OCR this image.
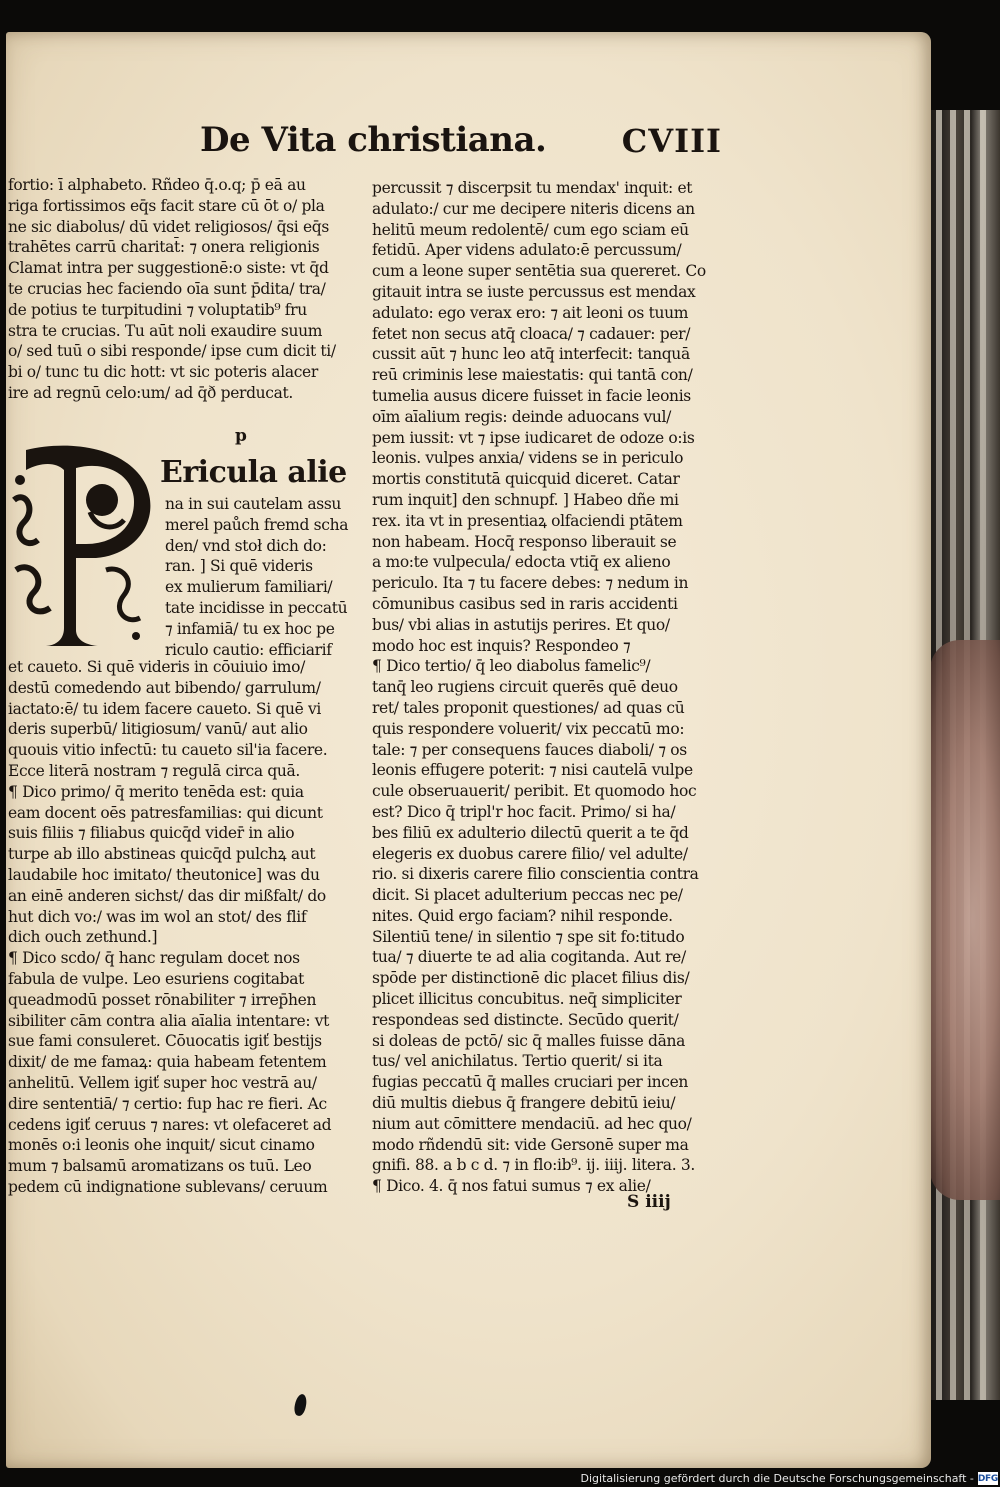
De Vita christiana. CVIII
fortio: ī alphabeto. Rñdeo q̄.o.q; p̄ eā au
riga fortissimos eq̄s facit stare cū ōt o/ pla
ne sic diabolus/ dū videt religiosos/ q̄si eq̄s
trahētes carrū charitat̄: ⁊ onera religionis
Clamat intra per suggestionē:o siste: vt q̄d
te crucias hec faciendo oīa sunt p̄dita/ tra/
de potius te turpitudini ⁊ voluptatib⁹ fru
stra te crucias. Tu aūt noli exaudire suum
o/ sed tuū o sibi responde/ ipse cum dicit ti/
bi o/ tunc tu dic hott: vt sic poteris alacer
ire ad regnū celo:um/ ad q̄ð perducat.
p
Ericula alie
na in sui cautelam assu
merel paůch fremd scha
den/ vnd stoł dich do:
ran. ] Si quē videris
ex mulierum familiari/
tate incidisse in peccatū
⁊ infamiā/ tu ex hoc pe
riculo cautio: efficiarif
et caueto. Si quē videris in cōuiuio imo/
destū comedendo aut bibendo/ garrulum/
iactato:ē/ tu idem facere caueto. Si quē vi
deris superbū/ litigiosum/ vanū/ aut alio
quouis vitio infectū: tu caueto sil'ia facere.
Ecce literā nostram ⁊ regulā circa quā.
¶ Dico primo/ q̄ merito tenēda est: quia
eam docent oēs patresfamilias: qui dicunt
suis filiis ⁊ filiabus quicq̄d vider̄ in alio
turpe ab illo abstineas quicq̄d pulchꝝ aut
laudabile hoc imitato/ theutonice] was du
an einē anderen sichst/ das dir mißfalt/ do
hut dich vo:/ was im wol an stot/ des flif
dich ouch zethund.]
¶ Dico scdo/ q̄ hanc regulam docet nos
fabula de vulpe. Leo esuriens cogitabat
queadmodū posset rōnabiliter ⁊ irrep̄hen
sibiliter cām contra alia aīalia intentare: vt
sue fami consuleret. Cōuocatis igiť bestijs
dixit/ de me famaꝝ: quia habeam fetentem
anhelitū. Vellem igiť super hoc vestrā au/
dire sententiā/ ⁊ certio: fup hac re fieri. Ac
cedens igiť ceruus ⁊ nares: vt olefaceret ad
monēs o:i leonis ohe inquit/ sicut cinamo
mum ⁊ balsamū aromatizans os tuū. Leo
pedem cū indignatione sublevans/ ceruum
percussit ⁊ discerpsit tu mendax' inquit: et
adulato:/ cur me decipere niteris dicens an
helitū meum redolentē/ cum ego sciam eū
fetidū. Aper videns adulato:ē percussum/
cum a leone super sentētia sua quereret. Co
gitauit intra se iuste percussus est mendax
adulato: ego verax ero: ⁊ ait leoni os tuum
fetet non secus atq̄ cloaca/ ⁊ cadauer: per/
cussit aūt ⁊ hunc leo atq̄ interfecit: tanquā
reū criminis lese maiestatis: qui tantā con/
tumelia ausus dicere fuisset in facie leonis
oīm aīalium regis: deinde aduocans vul/
pem iussit: vt ⁊ ipse iudicaret de odoze o:is
leonis. vulpes anxia/ videns se in periculo
mortis constitutā quicquid diceret. Catar
rum inquit] den schnupf. ] Habeo dñe mi
rex. ita vt in presentiaꝝ olfaciendi ptātem
non habeam. Hocq̄ responso liberauit se
a mo:te vulpecula/ edocta vtiq̄ ex alieno
periculo. Ita ⁊ tu facere debes: ⁊ nedum in
cōmunibus casibus sed in raris accidenti
bus/ vbi alias in astutijs perires. Et quo/
modo hoc est inquis? Respondeo ⁊
¶ Dico tertio/ q̄ leo diabolus famelic⁹/
tanq̄ leo rugiens circuit querēs quē deuo
ret/ tales proponit questiones/ ad quas cū
quis respondere voluerit/ vix peccatū mo:
tale: ⁊ per consequens fauces diaboli/ ⁊ os
leonis effugere poterit: ⁊ nisi cautelā vulpe
cule obseruauerit/ peribit. Et quomodo hoc
est? Dico q̄ tripl'r hoc facit. Primo/ si ha/
bes filiū ex adulterio dilectū querit a te q̄d
elegeris ex duobus carere filio/ vel adulte/
rio. si dixeris carere filio conscientia contra
dicit. Si placet adulterium peccas nec pe/
nites. Quid ergo faciam? nihil responde.
Silentiū tene/ in silentio ⁊ spe sit fo:titudo
tua/ ⁊ diuerte te ad alia cogitanda. Aut re/
spōde per distinctionē dic placet filius dis/
plicet illicitus concubitus. neq̄ simpliciter
respondeas sed distincte. Secūdo querit/
si doleas de pctō/ sic q̄ malles fuisse dāna
tus/ vel anichilatus. Tertio querit/ si ita
fugias peccatū q̄ malles cruciari per incen
diū multis diebus q̄ frangere debitū ieiu/
nium aut cōmittere mendaciū. ad hec quo/
modo rñdendū sit: vide Gersonē super ma
gnifi. 88. a b c d. ⁊ in flo:ib⁹. ij. iiij. litera. 3.
¶ Dico. 4. q̄ nos fatui sumus ⁊ ex alie/
S iiij
Digitalisierung gefördert durch die Deutsche Forschungsgemeinschaft - DFG
